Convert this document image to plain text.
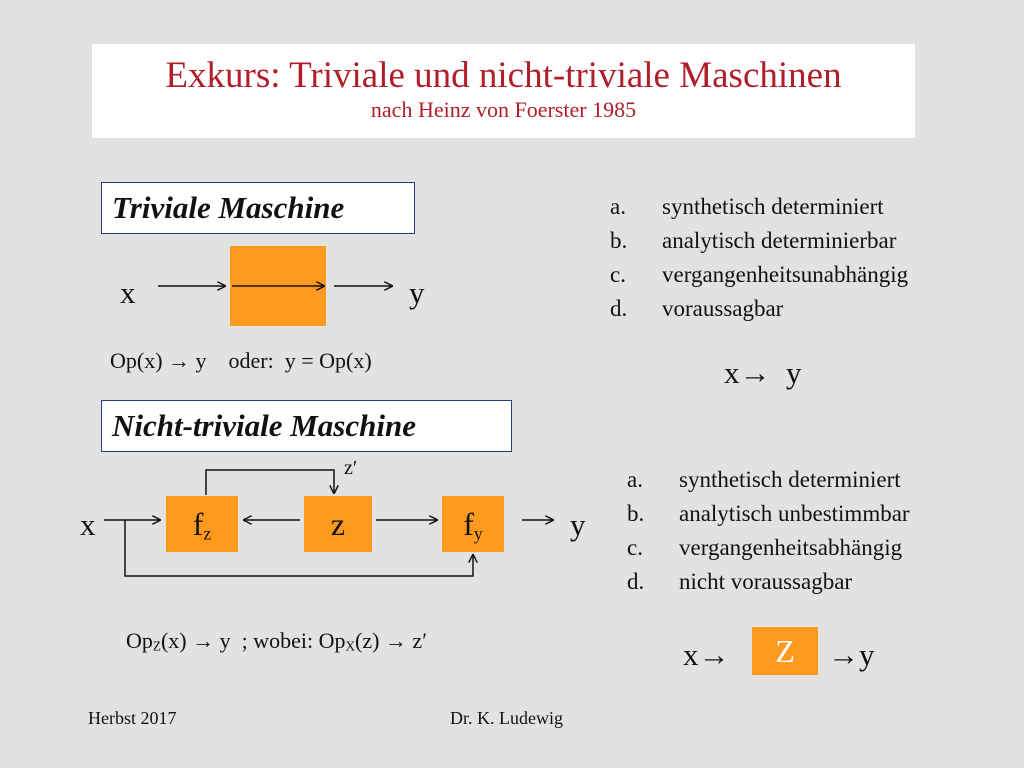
Exkurs: Triviale und nicht-triviale Maschinen
nach Heinz von Foerster 1985
Triviale Maschine
x	y
Op(x) → y    oder:  y = Op(x)
a.	synthetisch determiniert
b.	analytisch determinierbar
c.	vergangenheitsunabhängig
d.	voraussagbar
x→  y
Nicht-triviale Maschine
z′
x	y
$f_z$	z	$f_y$
OpZ(x) → y  ; wobei: OpX(z) → z′
a.	synthetisch determiniert
b.	analytisch unbestimmbar
c.	vergangenheitsabhängig
d.	nicht voraussagbar
x→	Z	→y
Herbst 2017	Dr. K. Ludewig
